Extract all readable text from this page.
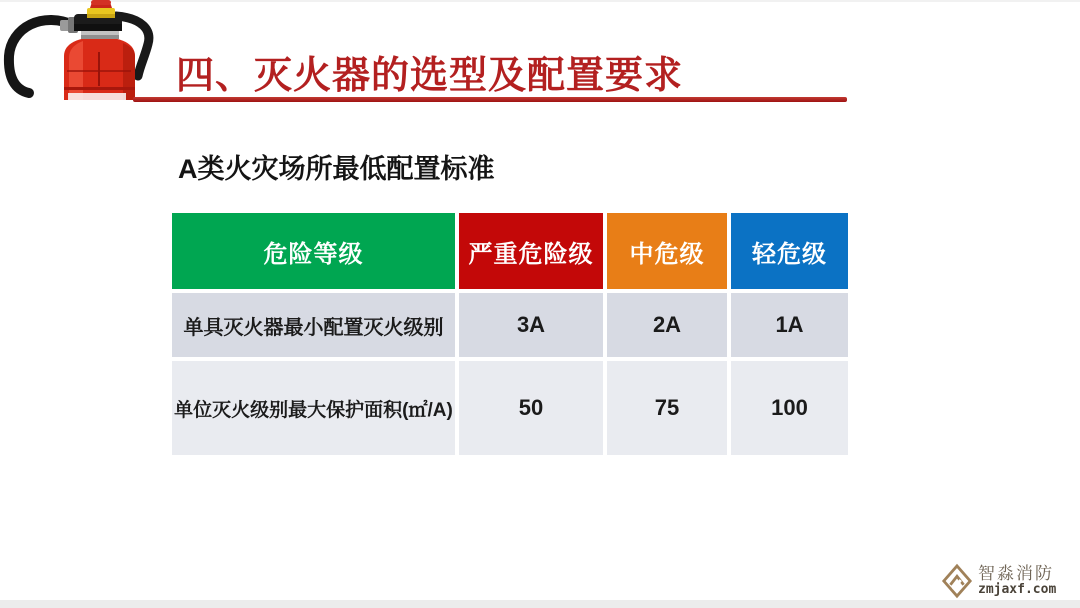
四、灭火器的选型及配置要求
A类火灾场所最低配置标准
危险等级	严重危险级	中危级	轻危级
单具灭火器最小配置灭火级别	3A	2A	1A
单位灭火级别最大保护面积(㎡/A)	50	75	100
智淼消防
zmjaxf.com
